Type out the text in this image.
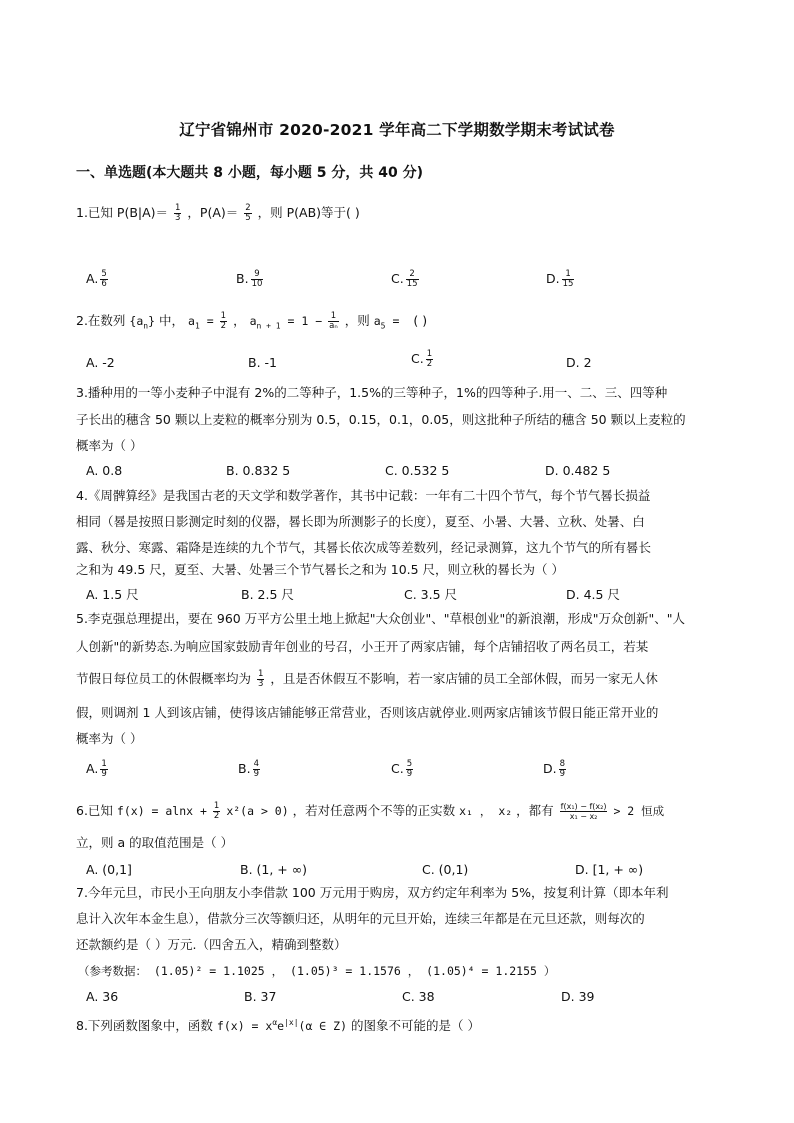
辽宁省锦州市 2020-2021 学年高二下学期数学期末考试试卷
一、单选题(本大题共 8 小题，每小题 5 分，共 40 分)
1.已知 $P(B|A)= \frac{1}{3}$ ，$P(A)= \frac{2}{5}$ ，则 P(AB)等于( )
A. $\frac{5}{6}$	B. $\frac{9}{10}$	C. $\frac{2}{15}$	D. $\frac{1}{15}$
2.在数列 $\{a_n\}$ 中， $a_1 = \frac{1}{2}$ ， $a_{n + 1} = 1 - \frac{1}{\text{aₙ}}$ ，则 $a_5$ = ( )
A. -2	B. -1	C. $\frac{1}{2}$	D. 2
3.播种用的一等小麦种子中混有 2%的二等种子，1.5%的三等种子，1%的四等种子.用一、二、三、四等种
子长出的穗含 50 颗以上麦粒的概率分别为 0.5，0.15，0.1，0.05，则这批种子所结的穗含 50 颗以上麦粒的
概率为（ ）
A. 0.8	B. 0.832 5	C. 0.532 5	D. 0.482 5
4.《周髀算经》是我国古老的天文学和数学著作，其书中记载：一年有二十四个节气，每个节气晷长损益
相同（晷是按照日影测定时刻的仪器，晷长即为所测影子的长度），夏至、小暑、大暑、立秋、处暑、白
露、秋分、寒露、霜降是连续的九个节气，其晷长依次成等差数列，经记录测算，这九个节气的所有晷长
之和为 49.5 尺，夏至、大暑、处暑三个节气晷长之和为 10.5 尺，则立秋的晷长为（ ）
A. 1.5 尺	B. 2.5 尺	C. 3.5 尺	D. 4.5 尺
5.李克强总理提出，要在 960 万平方公里土地上掀起"大众创业"、"草根创业"的新浪潮，形成"万众创新"、"人
人创新"的新势态.为响应国家鼓励青年创业的号召，小王开了两家店铺，每个店铺招收了两名员工，若某
节假日每位员工的休假概率均为 $\frac{1}{3}$ ，且是否休假互不影响，若一家店铺的员工全部休假，而另一家无人休
假，则调剂 1 人到该店铺，使得该店铺能够正常营业，否则该店就停业.则两家店铺该节假日能正常开业的
概率为（ ）
A. $\frac{1}{9}$	B. $\frac{4}{9}$	C. $\frac{5}{9}$	D. $\frac{8}{9}$
6.已知 $f(x) = alnx + \frac{1}{2} x^2(a > 0)$ ，若对任意两个不等的正实数 x₁ ， x₂ ，都有 $\frac{\text{f(x₁) − f(x₂)}}{\text{x₁ − x₂}} > 2$ 恒成
立，则 a 的取值范围是（ ）
A. (0,1]	B. (1, + ∞)	C. (0,1)	D. [1, + ∞)
7.今年元旦，市民小王向朋友小李借款 100 万元用于购房，双方约定年利率为 5%，按复利计算（即本年利
息计入次年本金生息），借款分三次等额归还，从明年的元旦开始，连续三年都是在元旦还款，则每次的
还款额约是（ ）万元.（四舍五入，精确到整数）
（参考数据： (1.05)² = 1.1025 ， (1.05)³ = 1.1576 ， (1.05)⁴ = 1.2155 ）
A. 36	B. 37	C. 38	D. 39
8.下列函数图象中，函数 $f(x) = x^\alpha e^{|x|}(\alpha$ ∈ Z) 的图象不可能的是（ ）
